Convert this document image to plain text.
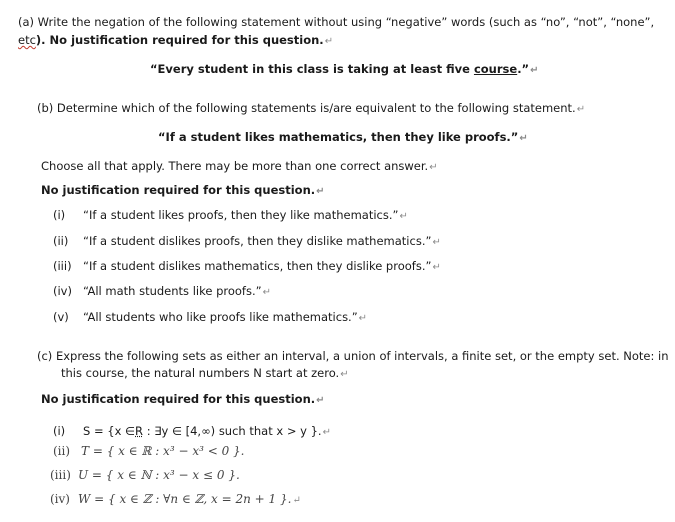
(a) Write the negation of the following statement without using “negative” words (such as “no”, “not”, “none”,
etc). No justification required for this question.↵
“Every student in this class is taking at least five course.”↵
(b) Determine which of the following statements is/are equivalent to the following statement.↵
“If a student likes mathematics, then they like proofs.”↵
Choose all that apply. There may be more than one correct answer.↵
No justification required for this question.↵
(i) “If a student likes proofs, then they like mathematics.”↵
(ii) “If a student dislikes proofs, then they dislike mathematics.”↵
(iii) “If a student dislikes mathematics, then they dislike proofs.”↵
(iv) “All math students like proofs.”↵
(v) “All students who like proofs like mathematics.”↵
(c) Express the following sets as either an interval, a union of intervals, a finite set, or the empty set. Note: in
this course, the natural numbers N start at zero.↵
No justification required for this question.↵
(i) S = {x ∈R : ∃y ∈ [4,∞) such that x > y }.↵
(ii) T = { x ∈ ℝ : x³ − x³ < 0 }.
(iii) U = { x ∈ ℕ : x³ − x ≤ 0 }.
(iv) W = { x ∈ ℤ : ∀n ∈ ℤ, x = 2n + 1 }.↵
